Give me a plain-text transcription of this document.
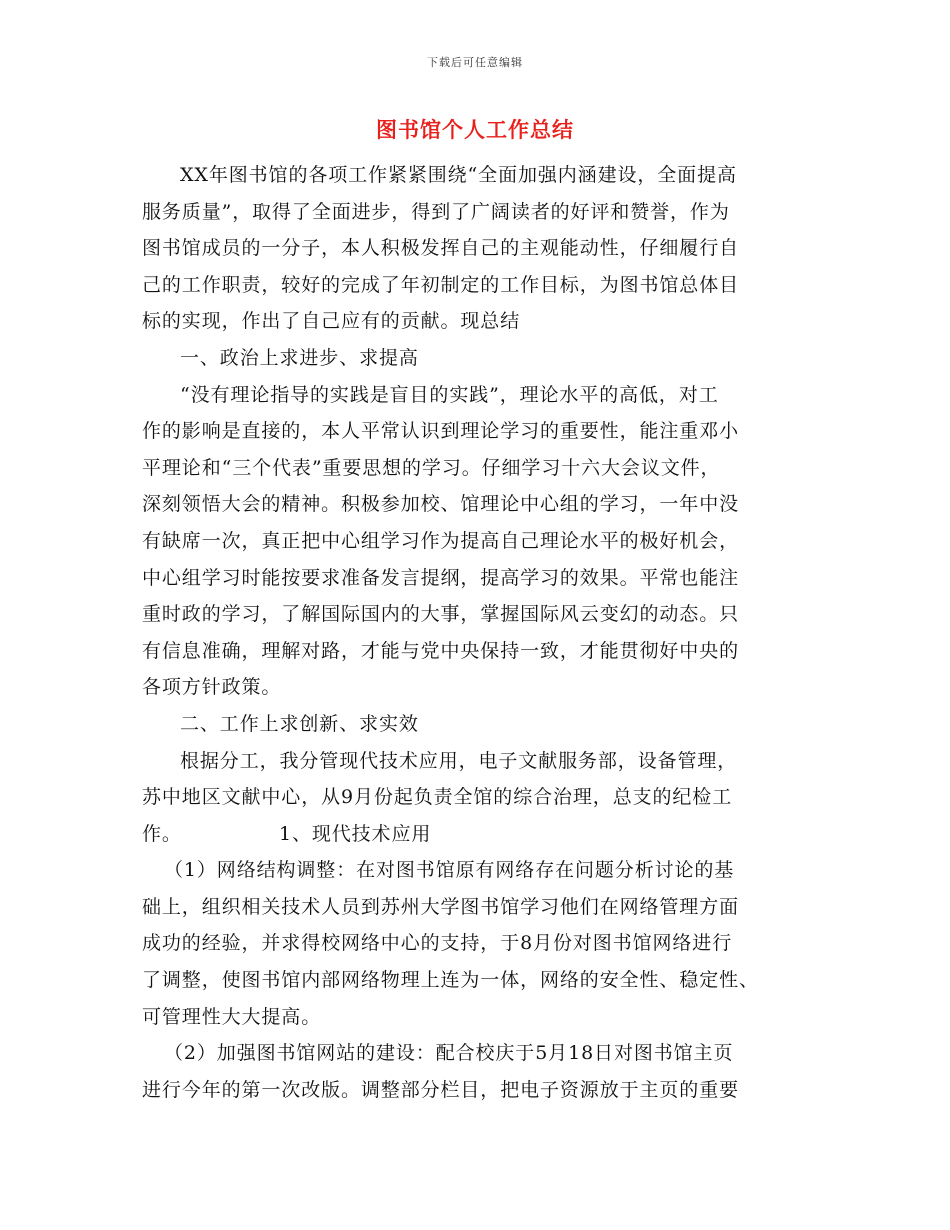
下载后可任意编辑
图书馆个人工作总结
XX年图书馆的各项工作紧紧围绕“全面加强内涵建设，全面提高
服务质量”，取得了全面进步，得到了广阔读者的好评和赞誉，作为
图书馆成员的一分子，本人积极发挥自己的主观能动性，仔细履行自
己的工作职责，较好的完成了年初制定的工作目标，为图书馆总体目
标的实现，作出了自己应有的贡献。现总结
一、政治上求进步、求提高
“没有理论指导的实践是盲目的实践”，理论水平的高低，对工
作的影响是直接的，本人平常认识到理论学习的重要性，能注重邓小
平理论和“三个代表”重要思想的学习。仔细学习十六大会议文件，
深刻领悟大会的精神。积极参加校、馆理论中心组的学习，一年中没
有缺席一次，真正把中心组学习作为提高自己理论水平的极好机会，
中心组学习时能按要求准备发言提纲，提高学习的效果。平常也能注
重时政的学习，了解国际国内的大事，掌握国际风云变幻的动态。只
有信息准确，理解对路，才能与党中央保持一致，才能贯彻好中央的
各项方针政策。
二、工作上求创新、求实效
根据分工，我分管现代技术应用，电子文献服务部，设备管理，
苏中地区文献中心，从9月份起负责全馆的综合治理，总支的纪检工
作。              1、现代技术应用
（1）网络结构调整：在对图书馆原有网络存在问题分析讨论的基
础上，组织相关技术人员到苏州大学图书馆学习他们在网络管理方面
成功的经验，并求得校网络中心的支持，于8月份对图书馆网络进行
了调整，使图书馆内部网络物理上连为一体，网络的安全性、稳定性、
可管理性大大提高。
（2）加强图书馆网站的建设：配合校庆于5月18日对图书馆主页
进行今年的第一次改版。调整部分栏目，把电子资源放于主页的重要
